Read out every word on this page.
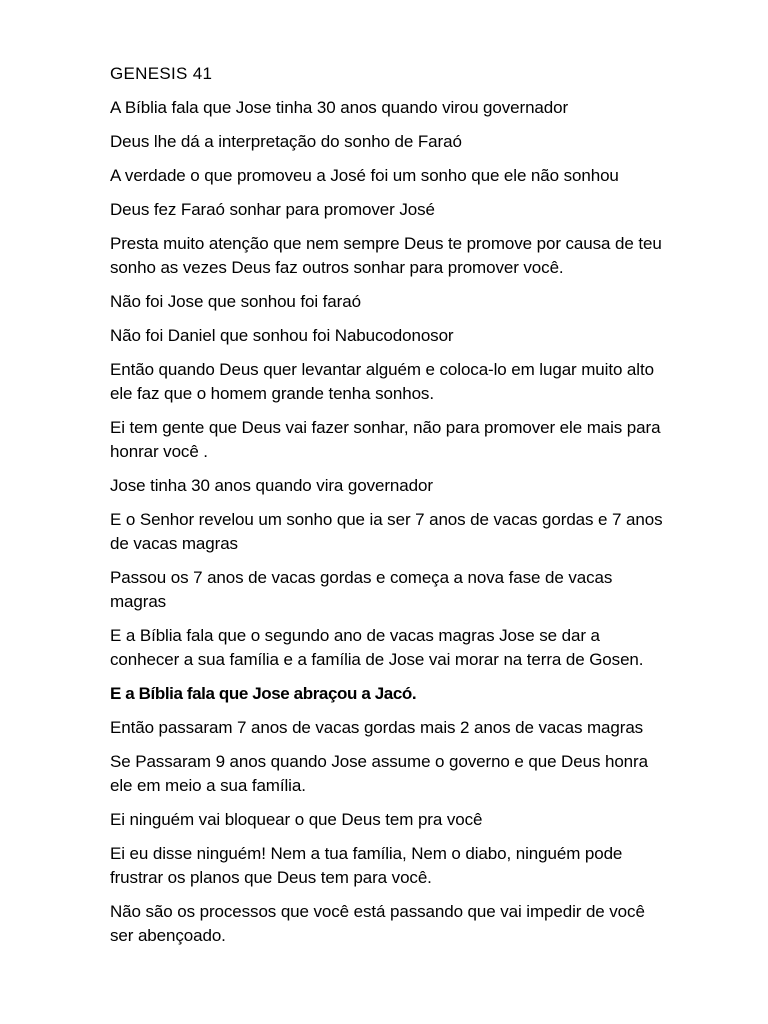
GENESIS 41

A Bíblia fala que Jose tinha 30 anos quando virou governador

Deus lhe dá a interpretação do sonho de Faraó

A verdade o que promoveu a José foi um sonho que ele não sonhou

Deus fez Faraó sonhar para promover José

Presta muito atenção que nem sempre Deus te promove por causa de teu sonho as vezes Deus faz outros sonhar para promover você.

Não foi Jose que sonhou foi faraó

Não foi Daniel que sonhou foi Nabucodonosor

Então quando Deus quer levantar alguém e coloca-lo em lugar muito alto ele faz que o homem grande tenha sonhos.

Ei tem gente que Deus vai fazer sonhar, não para promover ele mais para honrar você .

Jose tinha 30 anos quando vira governador

E o Senhor revelou um sonho que ia ser 7 anos de vacas gordas e 7 anos de vacas magras

Passou os 7 anos de vacas gordas e começa a nova fase de vacas magras

E a Bíblia fala que o segundo ano de vacas magras Jose se dar a conhecer a sua família e a família de Jose vai morar na terra de Gosen.

E a Bíblia fala que Jose abraçou a Jacó.

Então passaram 7 anos de vacas gordas mais 2 anos de vacas magras

Se Passaram 9 anos quando Jose assume o governo e que Deus honra ele em meio a sua família.

Ei ninguém vai bloquear o que Deus tem pra você

Ei eu disse ninguém! Nem a tua família, Nem o diabo, ninguém pode frustrar os planos que Deus tem para você.

Não são os processos que você está passando que vai impedir de você ser abençoado.
